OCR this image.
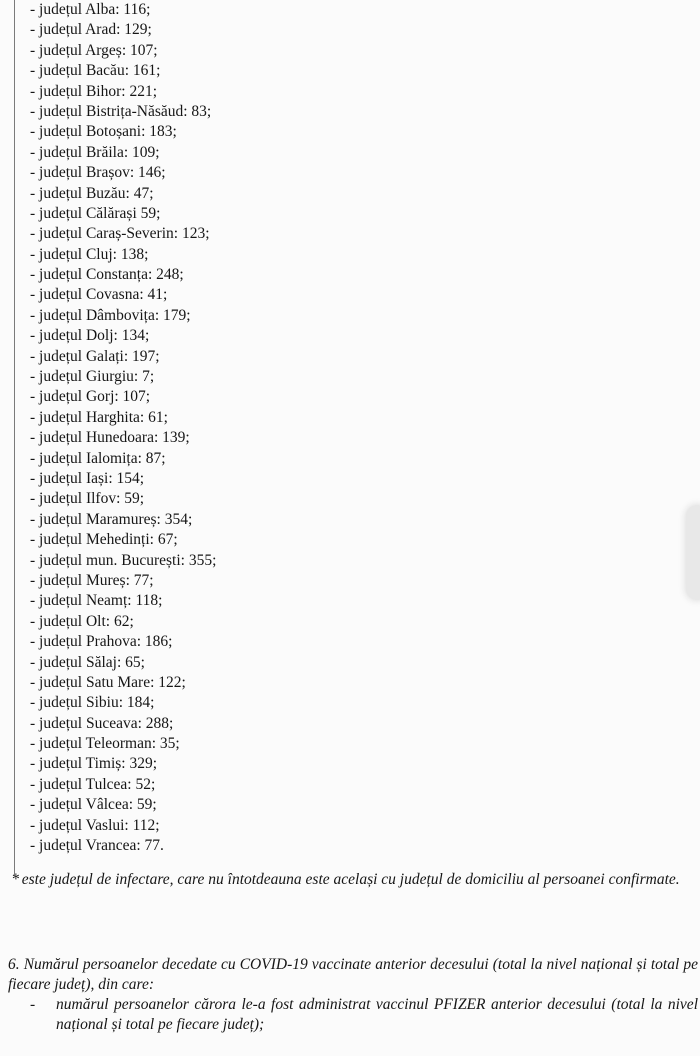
- județul Alba: 116;
- județul Arad: 129;
- județul Argeș: 107;
- județul Bacău: 161;
- județul Bihor: 221;
- județul Bistrița-Năsăud: 83;
- județul Botoșani: 183;
- județul Brăila: 109;
- județul Brașov: 146;
- județul Buzău: 47;
- județul Călărași 59;
- județul Caraș-Severin: 123;
- județul Cluj: 138;
- județul Constanța: 248;
- județul Covasna: 41;
- județul Dâmbovița: 179;
- județul Dolj: 134;
- județul Galați: 197;
- județul Giurgiu: 7;
- județul Gorj: 107;
- județul Harghita: 61;
- județul Hunedoara: 139;
- județul Ialomița: 87;
- județul Iași: 154;
- județul Ilfov: 59;
- județul Maramureș: 354;
- județul Mehedinți: 67;
- județul mun. București: 355;
- județul Mureș: 77;
- județul Neamț: 118;
- județul Olt: 62;
- județul Prahova: 186;
- județul Sălaj: 65;
- județul Satu Mare: 122;
- județul Sibiu: 184;
- județul Suceava: 288;
- județul Teleorman: 35;
- județul Timiș: 329;
- județul Tulcea: 52;
- județul Vâlcea: 59;
- județul Vaslui: 112;
- județul Vrancea: 77.

* este județul de infectare, care nu întotdeauna este același cu județul de domiciliu al persoanei confirmate.

6. Numărul persoanelor decedate cu COVID-19 vaccinate anterior decesului (total la nivel național și total pe fiecare județ), din care:

-	numărul persoanelor cărora le-a fost administrat vaccinul PFIZER anterior decesului (total la nivel național și total pe fiecare județ);
